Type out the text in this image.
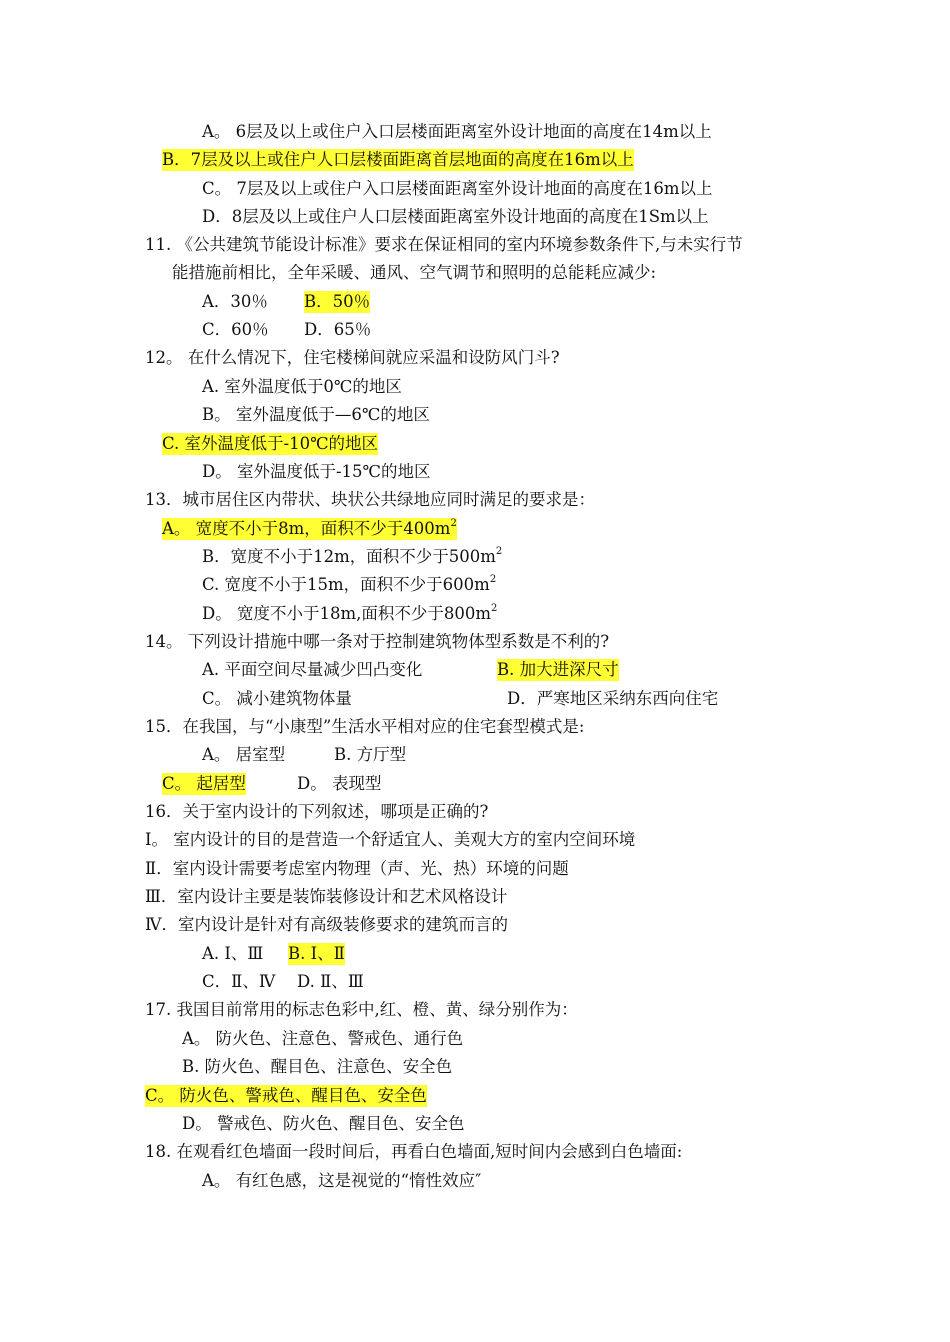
A。 6层及以上或住户入口层楼面距离室外设计地面的高度在14m以上
B．7层及以上或住户人口层楼面距离首层地面的高度在16m以上
C。 7层及以上或住户入口层楼面距离室外设计地面的高度在16m以上
D．8层及以上或住户人口层楼面距离室外设计地面的高度在1Sm以上
11. 《公共建筑节能设计标准》要求在保证相同的室内环境参数条件下,与未实行节
能措施前相比，全年采暖、通风、空气调节和照明的总能耗应减少:
A．30％ B．50％
C．60％ D．65％
12。 在什么情况下，住宅楼梯间就应采温和设防风门斗?
A. 室外温度低于0℃的地区
B。 室外温度低于—6℃的地区
C. 室外温度低于-10℃的地区
D。 室外温度低于-15℃的地区
13．城市居住区内带状、块状公共绿地应同时满足的要求是：
A。 宽度不小于8m，面积不少于$400m^2$
B．宽度不小于12m，面积不少于$500m^2$
C. 宽度不小于15m，面积不少于$600m^2$
D。 宽度不小于18m,面积不少于$800m^2$
14。 下列设计措施中哪一条对于控制建筑物体型系数是不利的?
A. 平面空间尽量减少凹凸变化	B. 加大进深尺寸
C。 减小建筑物体量	D．严寒地区采纳东西向住宅
15．在我国，与“小康型”生活水平相对应的住宅套型模式是:
A。 居室型	B. 方厅型
C。 起居型	D。 表现型
16．关于室内设计的下列叙述，哪项是正确的?
Ⅰ。 室内设计的目的是营造一个舒适宜人、美观大方的室内空间环境
Ⅱ．室内设计需要考虑室内物理（声、光、热）环境的问题
Ⅲ．室内设计主要是装饰装修设计和艺术风格设计
Ⅳ．室内设计是针对有高级装修要求的建筑而言的
A. Ⅰ、Ⅲ B. Ⅰ、Ⅱ
C．Ⅱ、Ⅳ D. Ⅱ、Ⅲ
17. 我国目前常用的标志色彩中,红、橙、黄、绿分别作为：
A。 防火色、注意色、警戒色、通行色
B. 防火色、醒目色、注意色、安全色
C。 防火色、警戒色、醒目色、安全色
D。 警戒色、防火色、醒目色、安全色
18. 在观看红色墙面一段时间后，再看白色墙面,短时间内会感到白色墙面:
A。 有红色感，这是视觉的“惰性效应″
